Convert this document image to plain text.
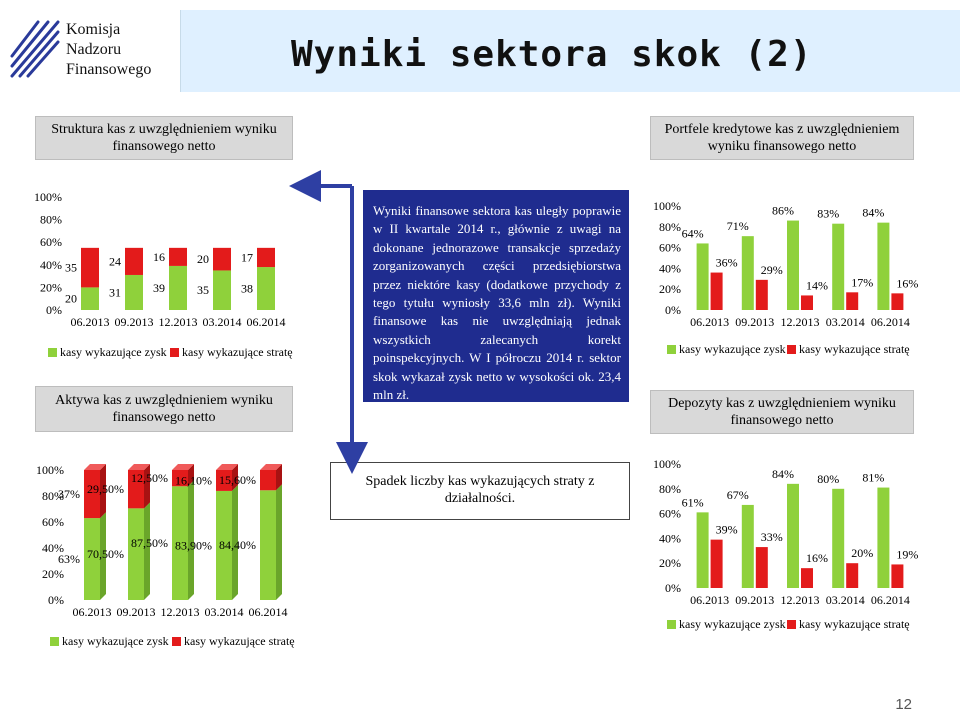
Komisja
Nadzoru
Finansowego	Wyniki sektora skok (2)
Struktura kas z uwzględnieniem wyniku finansowego netto
Aktywa kas z uwzględnieniem wyniku finansowego netto
Portfele kredytowe kas z uwzględnieniem wyniku finansowego netto
Depozyty kas z uwzględnieniem wyniku finansowego netto
Wyniki finansowe sektora kas uległy poprawie w II kwartale 2014 r., głównie z uwagi na dokonane jednorazowe transakcje sprzedaży zorganizowanych części przedsiębiorstwa przez niektóre kasy (dodatkowe przychody z tego tytułu wyniosły 33,6 mln zł). Wyniki finansowe kas nie uwzględniają jednak wszystkich zalecanych korekt poinspekcyjnych. W I półroczu 2014 r. sektor skok wykazał zysk netto w wysokości ok. 23,4 mln zł.
Spadek liczby kas wykazujących straty z działalności.
0%
20%
40%
60%
80%
100%
06.2013
20
35
09.2013
31
24
12.2013
39
16
03.2014
35
20
06.2014
38
17
kasy wykazujące zysk kasy wykazujące stratę
0%
20%
40%
60%
80%
100%
06.2013
63%
37%
09.2013
70,50%
29,50%
12.2013
87,50%
12,50%
03.2014
83,90%
16,10%
06.2014
84,40%
15,60%
kasy wykazujące zysk kasy wykazujące stratę
0%
20%
40%
60%
80%
100%
06.2013
64%
36%
09.2013
71%
29%
12.2013
86%
14%
03.2014
83%
17%
06.2014
84%
16%
kasy wykazujące zysk kasy wykazujące stratę
0%
20%
40%
60%
80%
100%
06.2013
61%
39%
09.2013
67%
33%
12.2013
84%
16%
03.2014
80%
20%
06.2014
81%
19%
kasy wykazujące zysk kasy wykazujące stratę
12
